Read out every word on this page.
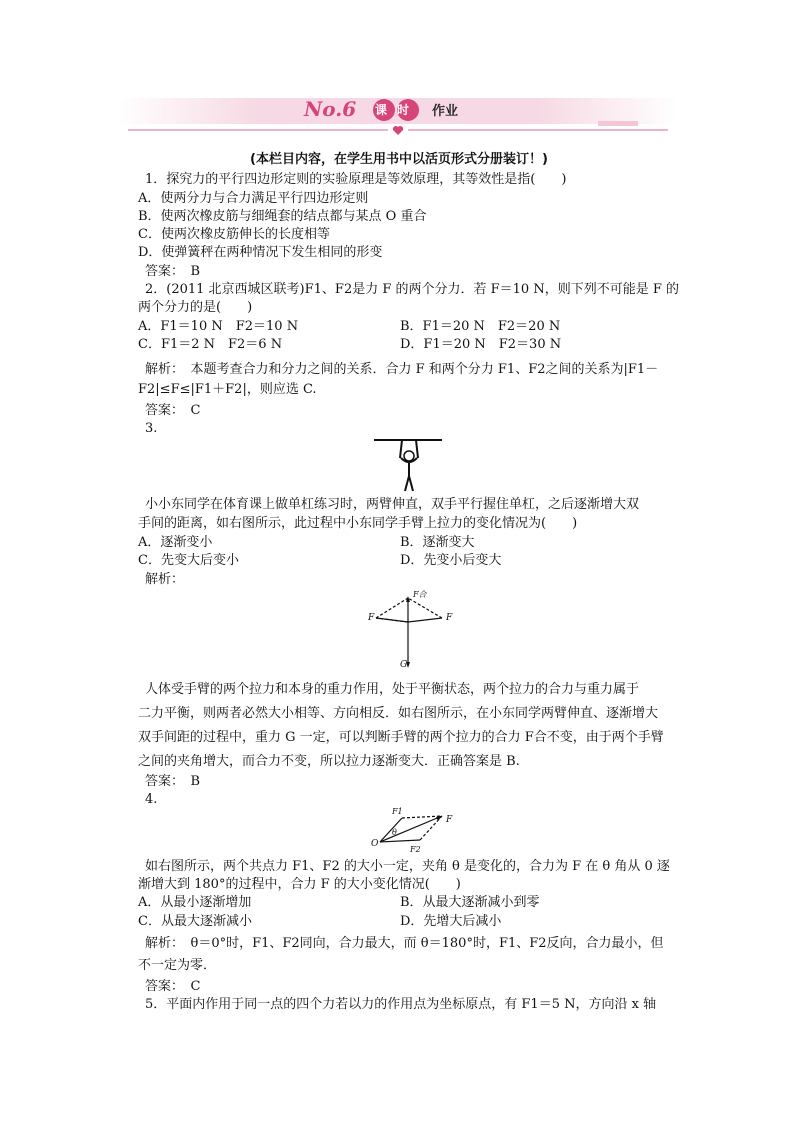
No.6 课时 作业
(本栏目内容，在学生用书中以活页形式分册装订！)
1．探究力的平行四边形定则的实验原理是等效原理，其等效性是指(　　)
A．使两分力与合力满足平行四边形定则
B．使两次橡皮筋与细绳套的结点都与某点 O 重合
C．使两次橡皮筋伸长的长度相等
D．使弹簧秤在两种情况下发生相同的形变
答案：　B
2．(2011 北京西城区联考)F1、F2是力 F 的两个分力．若 F＝10 N，则下列不可能是 F 的
两个分力的是(　　)
A．F1＝10 N　F2＝10 N	B．F1＝20 N　F2＝20 N
C．F1＝2 N　F2＝6 N	D．F1＝20 N　F2＝30 N
解析：　本题考查合力和分力之间的关系．合力 F 和两个分力 F1、F2之间的关系为|F1－
F2|≤F≤|F1＋F2|，则应选 C.
答案：　C
3.
小小东同学在体育课上做单杠练习时，两臂伸直，双手平行握住单杠，之后逐渐增大双
手间的距离，如右图所示，此过程中小东同学手臂上拉力的变化情况为(　　)
A．逐渐变小	B．逐渐变大
C．先变大后变小	D．先变小后变大
解析：
F合
F	F
G
人体受手臂的两个拉力和本身的重力作用，处于平衡状态，两个拉力的合力与重力属于
二力平衡，则两者必然大小相等、方向相反．如右图所示，在小东同学两臂伸直、逐渐增大
双手间距的过程中，重力 G 一定，可以判断手臂的两个拉力的合力 F合不变，由于两个手臂
之间的夹角增大，而合力不变，所以拉力逐渐变大．正确答案是 B.
答案：　B
4.
F1
F
θ
O
F2
如右图所示，两个共点力 F1、F2 的大小一定，夹角 θ 是变化的，合力为 F 在 θ 角从 0 逐
渐增大到 180°的过程中，合力 F 的大小变化情况(　　)
A．从最小逐渐增加	B．从最大逐渐减小到零
C．从最大逐渐减小	D．先增大后减小
解析：　θ＝0°时，F1、F2同向，合力最大，而 θ＝180°时，F1、F2反向，合力最小，但
不一定为零．
答案：　C
5．平面内作用于同一点的四个力若以力的作用点为坐标原点，有 F1＝5 N，方向沿 x 轴
